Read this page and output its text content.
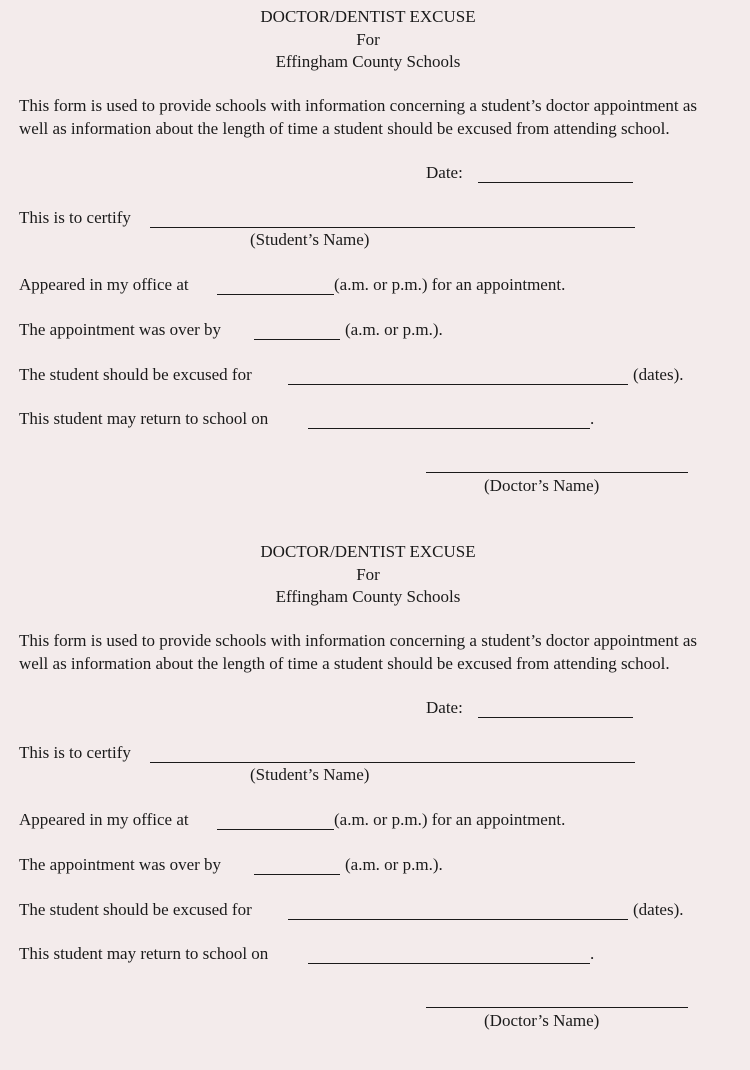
DOCTOR/DENTIST EXCUSE
For
Effingham County Schools
This form is used to provide schools with information concerning a student’s doctor appointment as well as information about the length of time a student should be excused from attending school.
Date:
This is to certify
(Student’s Name)
Appeared in my office at	(a.m. or p.m.) for an appointment.
The appointment was over by	(a.m. or p.m.).
The student should be excused for	(dates).
This student may return to school on	.
(Doctor’s Name)
DOCTOR/DENTIST EXCUSE
For
Effingham County Schools
This form is used to provide schools with information concerning a student’s doctor appointment as well as information about the length of time a student should be excused from attending school.
Date:
This is to certify
(Student’s Name)
Appeared in my office at	(a.m. or p.m.) for an appointment.
The appointment was over by	(a.m. or p.m.).
The student should be excused for	(dates).
This student may return to school on	.
(Doctor’s Name)
